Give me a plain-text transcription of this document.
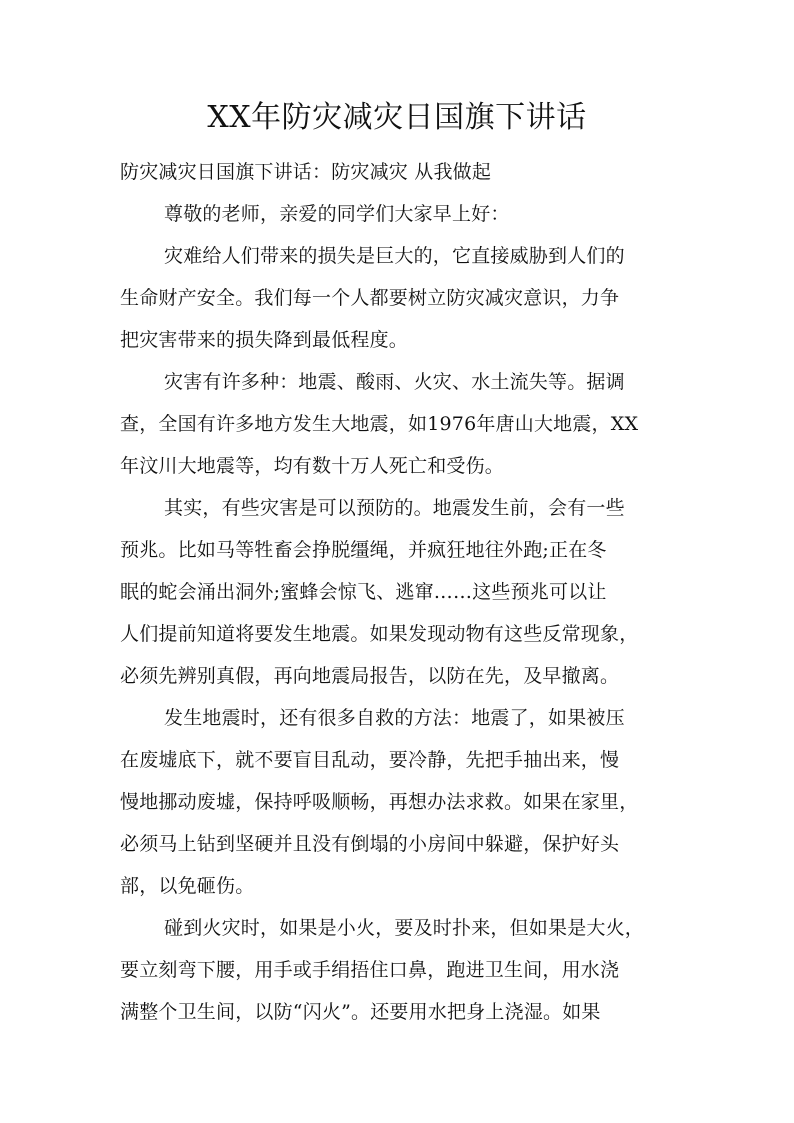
XX年防灾减灾日国旗下讲话
防灾减灾日国旗下讲话：防灾减灾 从我做起
尊敬的老师，亲爱的同学们大家早上好：
灾难给人们带来的损失是巨大的，它直接威胁到人们的
生命财产安全。我们每一个人都要树立防灾减灾意识，力争
把灾害带来的损失降到最低程度。
灾害有许多种：地震、酸雨、火灾、水土流失等。据调
查，全国有许多地方发生大地震，如1976年唐山大地震，XX
年汶川大地震等，均有数十万人死亡和受伤。
其实，有些灾害是可以预防的。地震发生前，会有一些
预兆。比如马等牲畜会挣脱缰绳，并疯狂地往外跑;正在冬
眠的蛇会涌出洞外;蜜蜂会惊飞、逃窜……这些预兆可以让
人们提前知道将要发生地震。如果发现动物有这些反常现象，
必须先辨别真假，再向地震局报告，以防在先，及早撤离。
发生地震时，还有很多自救的方法：地震了，如果被压
在废墟底下，就不要盲目乱动，要冷静，先把手抽出来，慢
慢地挪动废墟，保持呼吸顺畅，再想办法求救。如果在家里，
必须马上钻到坚硬并且没有倒塌的小房间中躲避，保护好头
部，以免砸伤。
碰到火灾时，如果是小火，要及时扑来，但如果是大火，
要立刻弯下腰，用手或手绢捂住口鼻，跑进卫生间，用水浇
满整个卫生间，以防“闪火”。还要用水把身上浇湿。如果
